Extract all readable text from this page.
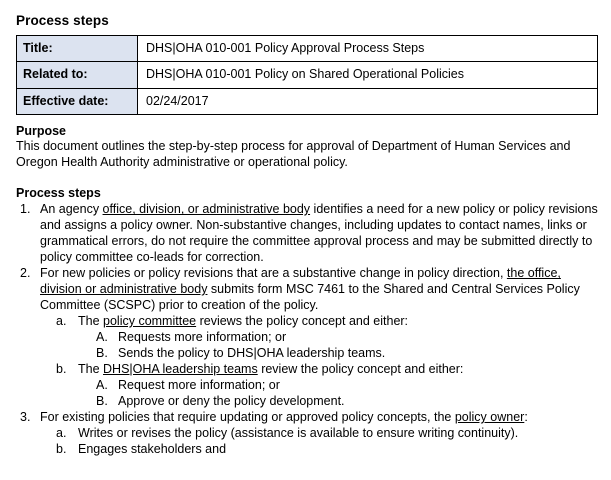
Process steps
Title:	DHS|OHA 010-001 Policy Approval Process Steps
Related to:	DHS|OHA 010-001 Policy on Shared Operational Policies
Effective date:	02/24/2017
Purpose

This document outlines the step-by-step process for approval of Department of Human Services and Oregon Health Authority administrative or operational policy.

Process steps
1. An agency office, division, or administrative body identifies a need for a new policy or policy revisions and assigns a policy owner. Non-substantive changes, including updates to contact names, links or grammatical errors, do not require the committee approval process and may be submitted directly to policy committee co-leads for correction.
2. For new policies or policy revisions that are a substantive change in policy direction, the office, division or administrative body submits form MSC 7461 to the Shared and Central Services Policy Committee (SCSPC) prior to creation of the policy.
a. The policy committee reviews the policy concept and either:
A. Requests more information; or
B. Sends the policy to DHS|OHA leadership teams.
b. The DHS|OHA leadership teams review the policy concept and either:
A. Request more information; or
B. Approve or deny the policy development.
3. For existing policies that require updating or approved policy concepts, the policy owner:
a. Writes or revises the policy (assistance is available to ensure writing continuity).
b. Engages stakeholders and
